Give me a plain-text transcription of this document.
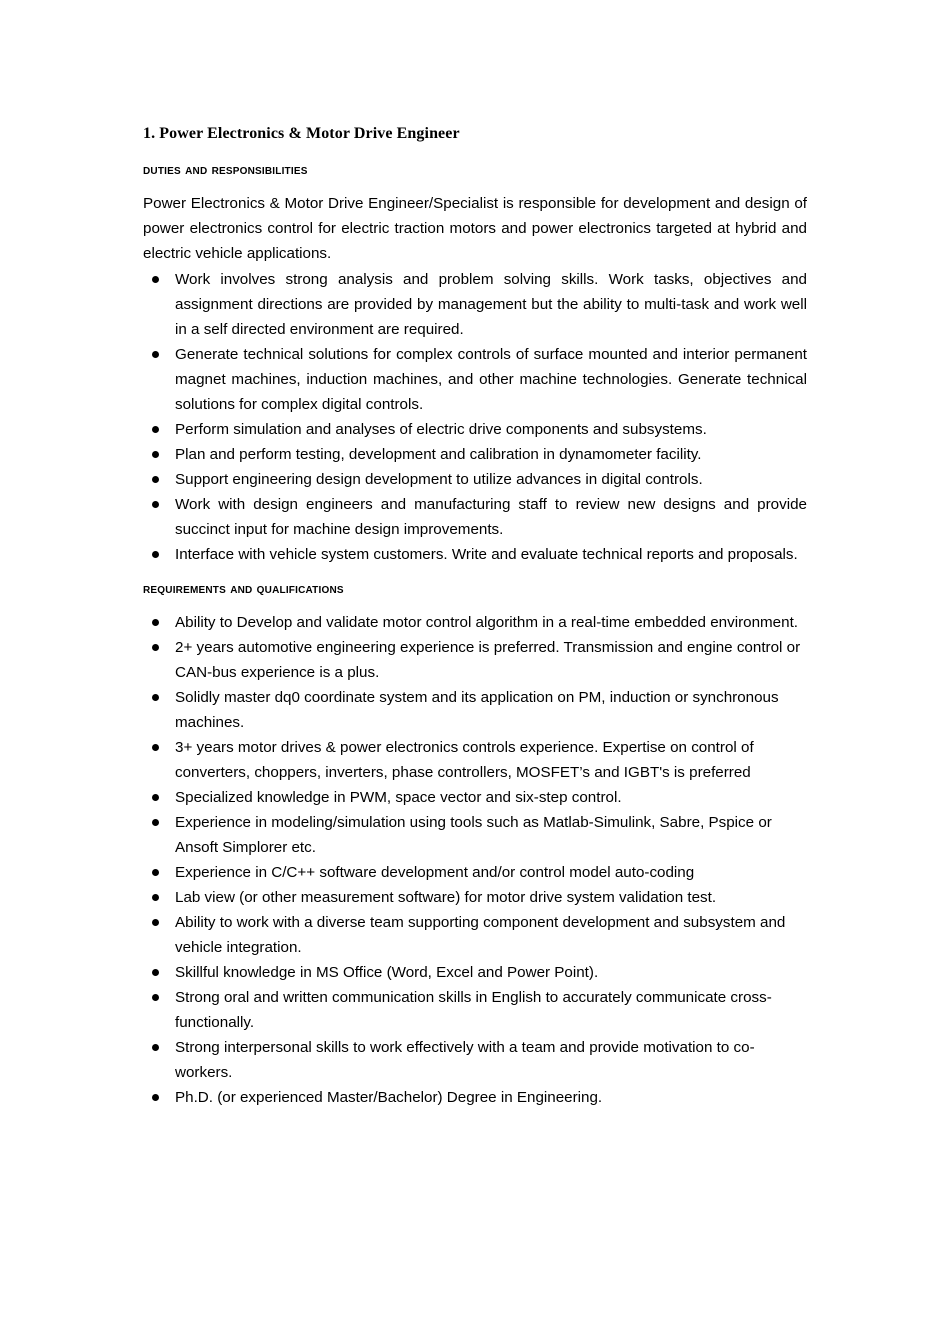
1. Power Electronics & Motor Drive Engineer
duties and responsibilities

Power Electronics & Motor Drive Engineer/Specialist is responsible for development and design of power electronics control for electric traction motors and power electronics targeted at hybrid and electric vehicle applications.

Work involves strong analysis and problem solving skills. Work tasks, objectives and assignment directions are provided by management but the ability to multi-task and work well in a self directed environment are required.
Generate technical solutions for complex controls of surface mounted and interior permanent magnet machines, induction machines, and other machine technologies. Generate technical solutions for complex digital controls.
Perform simulation and analyses of electric drive components and subsystems.
Plan and perform testing, development and calibration in dynamometer facility.
Support engineering design development to utilize advances in digital controls.
Work with design engineers and manufacturing staff to review new designs and provide succinct input for machine design improvements.
Interface with vehicle system customers. Write and evaluate technical reports and proposals.
requirements and qualifications
Ability to Develop and validate motor control algorithm in a real-time embedded environment.
2+ years automotive engineering experience is preferred. Transmission and engine control or CAN-bus experience is a plus.
Solidly master dq0 coordinate system and its application on PM, induction or synchronous machines.
3+ years motor drives & power electronics controls experience. Expertise on control of converters, choppers, inverters, phase controllers, MOSFET’s and IGBT's is preferred
Specialized knowledge in PWM, space vector and six-step control.
Experience in modeling/simulation using tools such as Matlab-Simulink, Sabre, Pspice or Ansoft Simplorer etc.
Experience in C/C++ software development and/or control model auto-coding
Lab view (or other measurement software) for motor drive system validation test.
Ability to work with a diverse team supporting component development and subsystem and vehicle integration.
Skillful knowledge in MS Office (Word, Excel and Power Point).
Strong oral and written communication skills in English to accurately communicate cross-functionally.
Strong interpersonal skills to work effectively with a team and provide motivation to co-workers.
Ph.D. (or experienced Master/Bachelor) Degree in Engineering.
